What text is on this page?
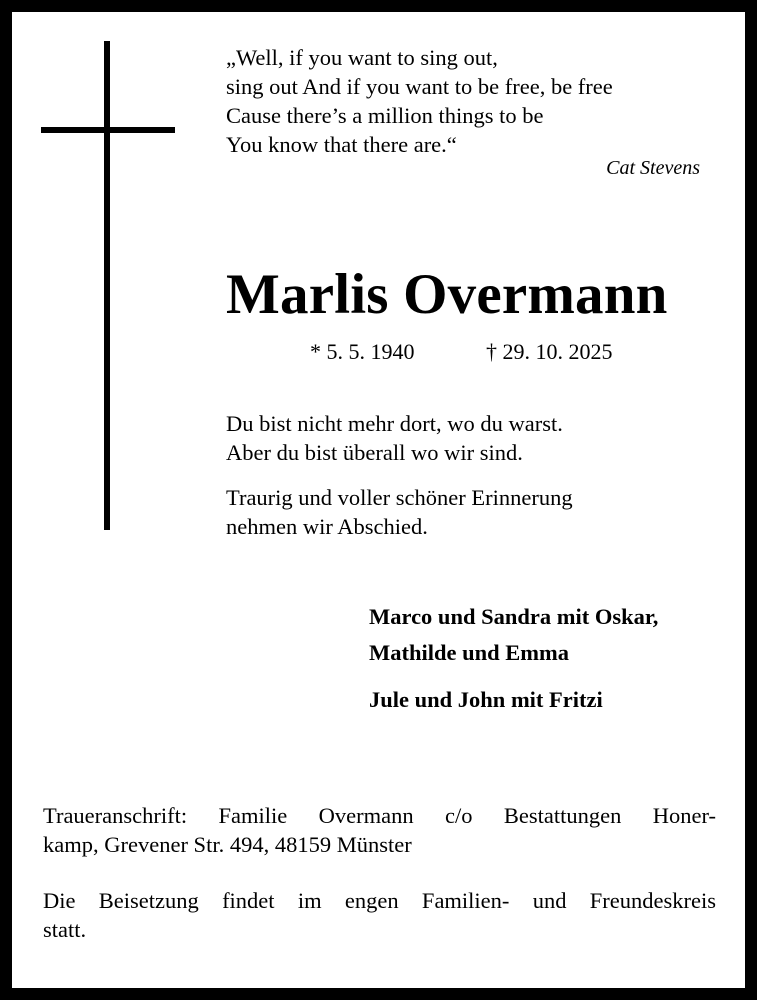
„Well, if you want to sing out,
sing out And if you want to be free, be free
Cause there’s a million things to be
You know that there are.“
Cat Stevens
Marlis Overmann
* 5. 5. 1940	† 29. 10. 2025
Du bist nicht mehr dort, wo du warst.
Aber du bist überall wo wir sind.
Traurig und voller schöner Erinnerung
nehmen wir Abschied.
Marco und Sandra mit Oskar,
Mathilde und Emma
Jule und John mit Fritzi
Traueranschrift: Familie Overmann c/o Bestattungen Honer-
kamp, Grevener Str. 494, 48159 Münster
Die Beisetzung findet im engen Familien- und Freundeskreis
statt.
